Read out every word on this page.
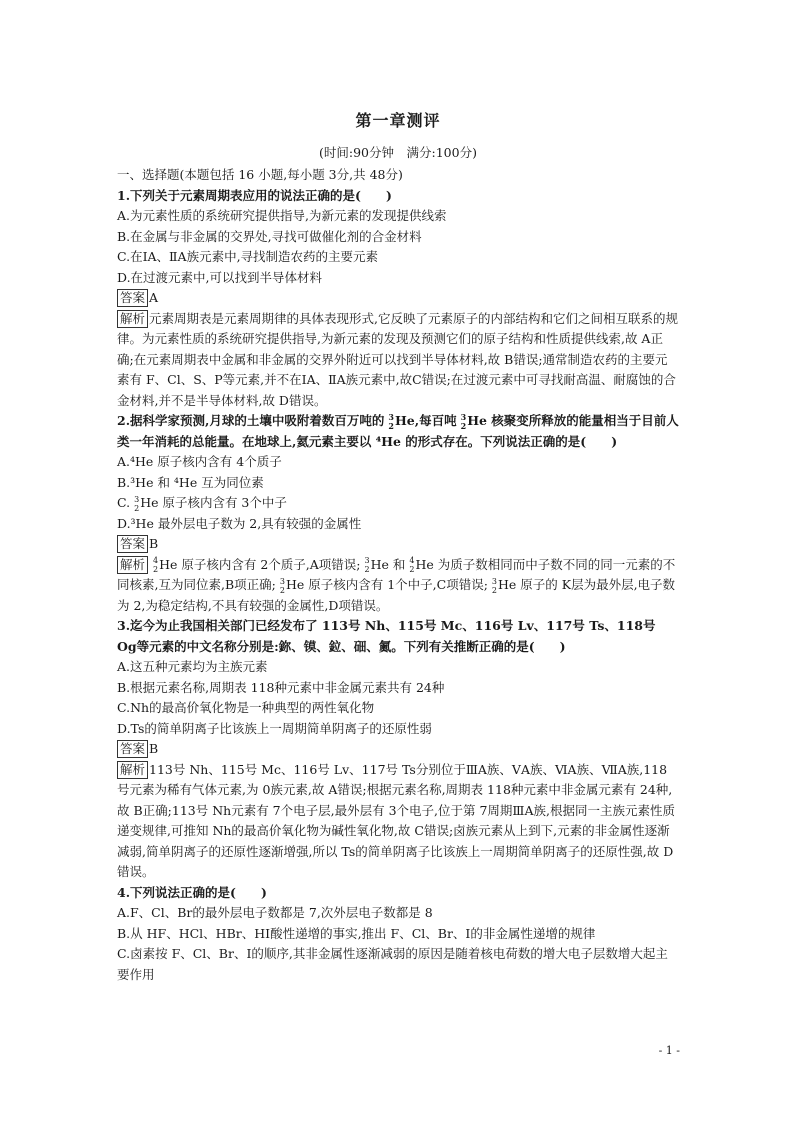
第一章测评
(时间:90分钟　满分:100分)
一、选择题(本题包括 16 小题,每小题 3分,共 48分)
1.下列关于元素周期表应用的说法正确的是(　　)
A.为元素性质的系统研究提供指导,为新元素的发现提供线索
B.在金属与非金属的交界处,寻找可做催化剂的合金材料
C.在ⅠA、ⅡA族元素中,寻找制造农药的主要元素
D.在过渡元素中,可以找到半导体材料
答案 A
解析 元素周期表是元素周期律的具体表现形式,它反映了元素原子的内部结构和它们之间相互联系的规律。为元素性质的系统研究提供指导,为新元素的发现及预测它们的原子结构和性质提供线索,故 A正确;在元素周期表中金属和非金属的交界外附近可以找到半导体材料,故 B错误;通常制造农药的主要元素有 F、Cl、S、P等元素,并不在ⅠA、ⅡA族元素中,故C错误;在过渡元素中可寻找耐高温、耐腐蚀的合金材料,并不是半导体材料,故 D错误。
2.据科学家预测,月球的土壤中吸附着数百万吨的 3
2 He,每百吨 3
2 He 核聚变所释放的能量相当于目前人类一年消耗的总能量。在地球上,氦元素主要以 ⁴He 的形式存在。下列说法正确的是(　　)
A.⁴He 原子核内含有 4个质子
B.³He 和 ⁴He 互为同位素
C. 3
2 He 原子核内含有 3个中子
D.³He 最外层电子数为 2,具有较强的金属性
答案 B
解析 4
2 He 原子核内含有 2个质子,A项错误; 3
2 He 和 4
2 He 为质子数相同而中子数不同的同一元素的不同核素,互为同位素,B项正确; 3
2 He 原子核内含有 1个中子,C项错误; 3
2 He 原子的 K层为最外层,电子数为 2,为稳定结构,不具有较强的金属性,D项错误。
3.迄今为止我国相关部门已经发布了 113号 Nh、115号 Mc、116号 Lv、117号 Ts、118号 Og等元素的中文名称分别是:鉨、镆、鉝、鿬、鿫。下列有关推断正确的是(　　)
A.这五种元素均为主族元素
B.根据元素名称,周期表 118种元素中非金属元素共有 24种
C.Nh的最高价氧化物是一种典型的两性氧化物
D.Ts的简单阴离子比该族上一周期简单阴离子的还原性弱
答案 B
解析 113号 Nh、115号 Mc、116号 Lv、117号 Ts分别位于ⅢA族、ⅤA族、ⅥA族、ⅦA族,118号元素为稀有气体元素,为 0族元素,故 A错误;根据元素名称,周期表 118种元素中非金属元素有 24种,故 B正确;113号 Nh元素有 7个电子层,最外层有 3个电子,位于第 7周期ⅢA族,根据同一主族元素性质递变规律,可推知 Nh的最高价氧化物为碱性氧化物,故 C错误;卤族元素从上到下,元素的非金属性逐渐减弱,简单阴离子的还原性逐渐增强,所以 Ts的简单阴离子比该族上一周期简单阴离子的还原性强,故 D错误。
4.下列说法正确的是(　　)
A.F、Cl、Br的最外层电子数都是 7,次外层电子数都是 8
B.从 HF、HCl、HBr、HI酸性递增的事实,推出 F、Cl、Br、I的非金属性递增的规律
C.卤素按 F、Cl、Br、I的顺序,其非金属性逐渐减弱的原因是随着核电荷数的增大电子层数增大起主要作用
- 1 -
